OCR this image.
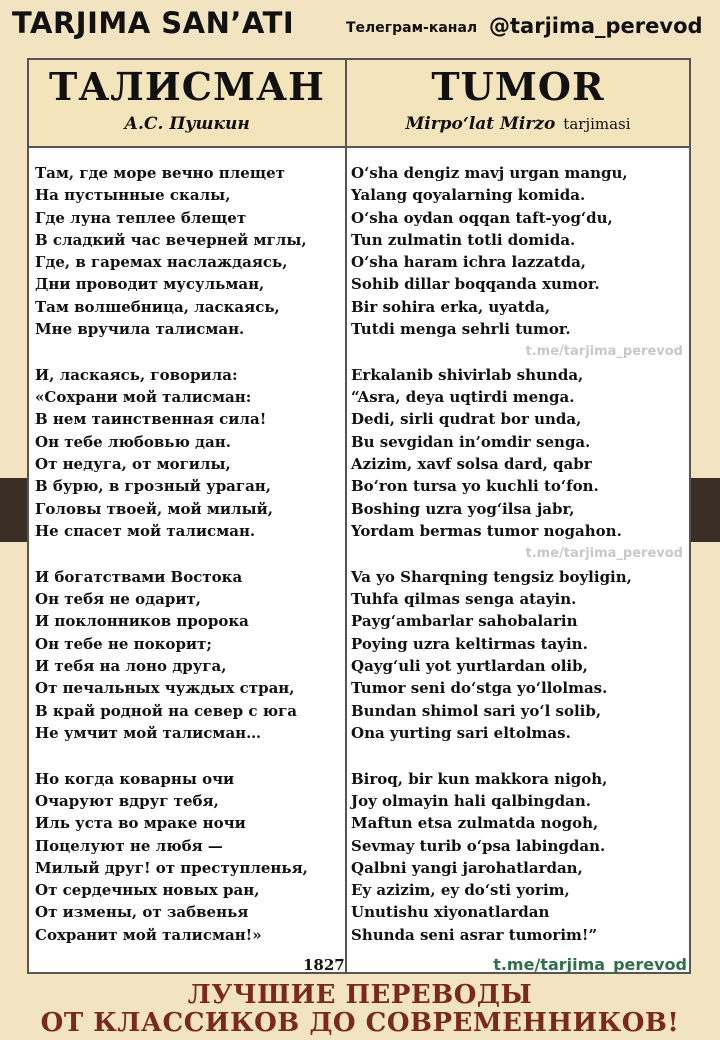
TARJIMA SAN’ATI	Телеграм-канал @tarjima_perevod
ТАЛИСМАН
А.С. Пушкин
TUMOR
Mirpo‘lat Mirzo tarjimasi
Там, где море вечно плещет
На пустынные скалы,
Где луна теплее блещет
В сладкий час вечерней мглы,
Где, в гаремах наслаждаясь,
Дни проводит мусульман,
Там волшебница, ласкаясь,
Мне вручила талисман.
И, ласкаясь, говорила:
«Сохрани мой талисман:
В нем таинственная сила!
Он тебе любовью дан.
От недуга, от могилы,
В бурю, в грозный ураган,
Головы твоей, мой милый,
Не спасет мой талисман.
И богатствами Востока
Он тебя не одарит,
И поклонников пророка
Он тебе не покорит;
И тебя на лоно друга,
От печальных чуждых стран,
В край родной на север с юга
Не умчит мой талисман…
Но когда коварны очи
Очаруют вдруг тебя,
Иль уста во мраке ночи
Поцелуют не любя —
Милый друг! от преступленья,
От сердечных новых ран,
От измены, от забвенья
Сохранит мой талисман!»
O‘sha dengiz mavj urgan mangu,
Yalang qoyalarning komida.
O‘sha oydan oqqan taft-yog‘du,
Tun zulmatin totli domida.
O‘sha haram ichra lazzatda,
Sohib dillar boqqanda xumor.
Bir sohira erka, uyatda,
Tutdi menga sehrli tumor.
Erkalanib shivirlab shunda,
“Asra, deya uqtirdi menga.
Dedi, sirli qudrat bor unda,
Bu sevgidan in’omdir senga.
Azizim, xavf solsa dard, qabr
Bo‘ron tursa yo kuchli to‘fon.
Boshing uzra yog‘ilsa jabr,
Yordam bermas tumor nogahon.
Va yo Sharqning tengsiz boyligin,
Tuhfa qilmas senga atayin.
Payg‘ambarlar sahobalarin
Poying uzra keltirmas tayin.
Qayg‘uli yot yurtlardan olib,
Tumor seni do‘stga yo‘llolmas.
Bundan shimol sari yo‘l solib,
Ona yurting sari eltolmas.
Biroq, bir kun makkora nigoh,
Joy olmayin hali qalbingdan.
Maftun etsa zulmatda nogoh,
Sevmay turib o‘psa labingdan.
Qalbni yangi jarohatlardan,
Ey azizim, ey do‘sti yorim,
Unutishu xiyonatlardan
Shunda seni asrar tumorim!”
t.me/tarjima_perevod
t.me/tarjima_perevod
1827	t.me/tarjima_perevod
ЛУЧШИЕ ПЕРЕВОДЫ
ОТ КЛАССИКОВ ДО СОВРЕМЕННИКОВ!
